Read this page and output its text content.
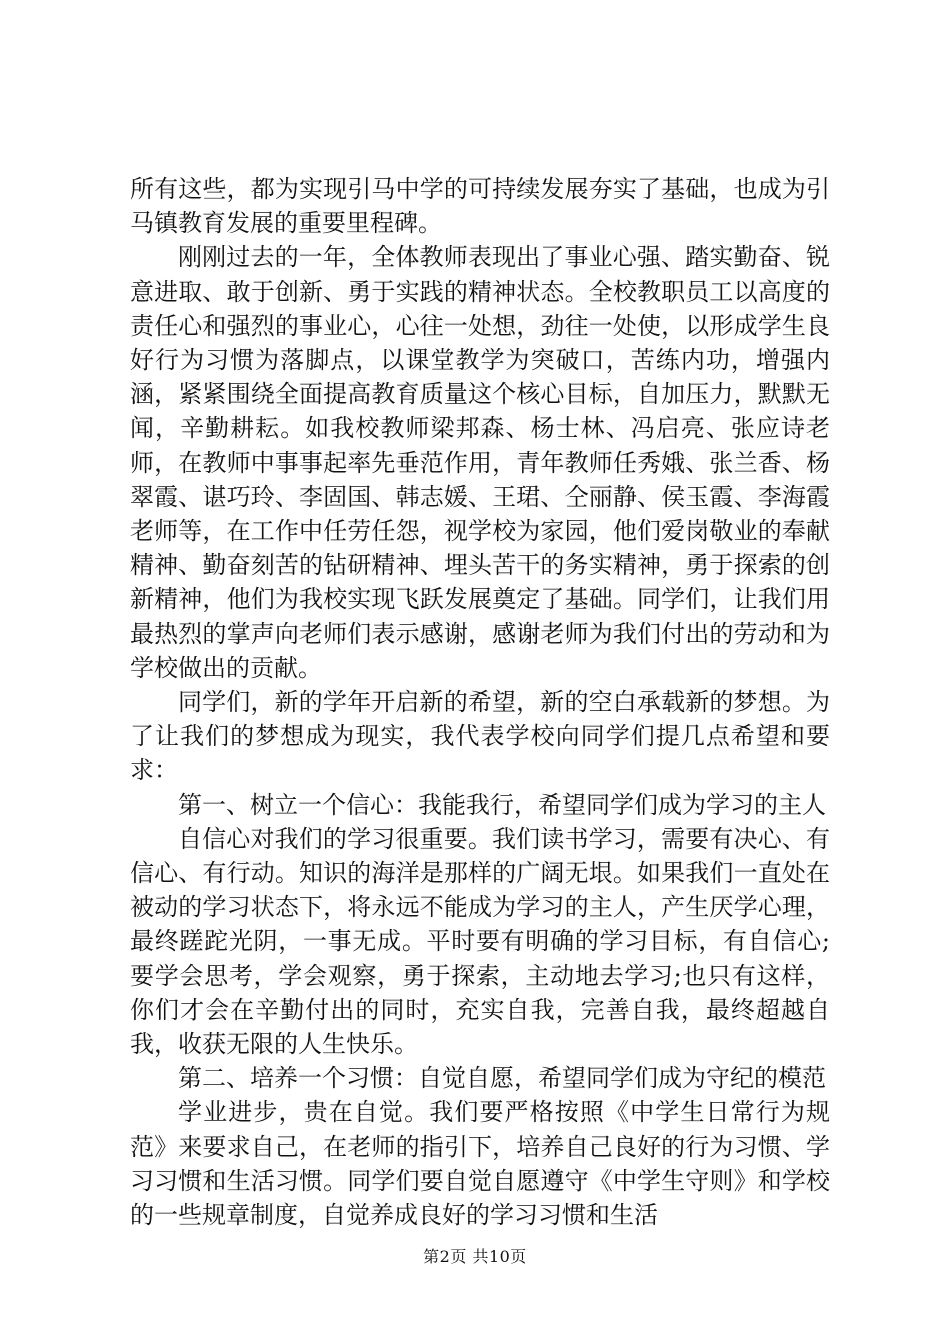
所有这些，都为实现引马中学的可持续发展夯实了基础，也成为引马镇教育发展的重要里程碑。

刚刚过去的一年，全体教师表现出了事业心强、踏实勤奋、锐意进取、敢于创新、勇于实践的精神状态。全校教职员工以高度的责任心和强烈的事业心，心往一处想，劲往一处使，以形成学生良好行为习惯为落脚点，以课堂教学为突破口，苦练内功，增强内涵，紧紧围绕全面提高教育质量这个核心目标，自加压力，默默无闻，辛勤耕耘。如我校教师梁邦森、杨士林、冯启亮、张应诗老师，在教师中事事起率先垂范作用，青年教师任秀娥、张兰香、杨翠霞、谌巧玲、李固国、韩志媛、王珺、仝丽静、侯玉霞、李海霞老师等，在工作中任劳任怨，视学校为家园，他们爱岗敬业的奉献精神、勤奋刻苦的钻研精神、埋头苦干的务实精神，勇于探索的创新精神，他们为我校实现飞跃发展奠定了基础。同学们，让我们用最热烈的掌声向老师们表示感谢，感谢老师为我们付出的劳动和为学校做出的贡献。

同学们，新的学年开启新的希望，新的空白承载新的梦想。为了让我们的梦想成为现实，我代表学校向同学们提几点希望和要求：

第一、树立一个信心：我能我行，希望同学们成为学习的主人

自信心对我们的学习很重要。我们读书学习，需要有决心、有信心、有行动。知识的海洋是那样的广阔无垠。如果我们一直处在被动的学习状态下，将永远不能成为学习的主人，产生厌学心理，最终蹉跎光阴，一事无成。平时要有明确的学习目标，有自信心;要学会思考，学会观察，勇于探索，主动地去学习;也只有这样，你们才会在辛勤付出的同时，充实自我，完善自我，最终超越自我，收获无限的人生快乐。

第二、培养一个习惯：自觉自愿，希望同学们成为守纪的模范

学业进步，贵在自觉。我们要严格按照《中学生日常行为规范》来要求自己，在老师的指引下，培养自己良好的行为习惯、学习习惯和生活习惯。同学们要自觉自愿遵守《中学生守则》和学校的一些规章制度，自觉养成良好的学习习惯和生活

第2页 共10页
